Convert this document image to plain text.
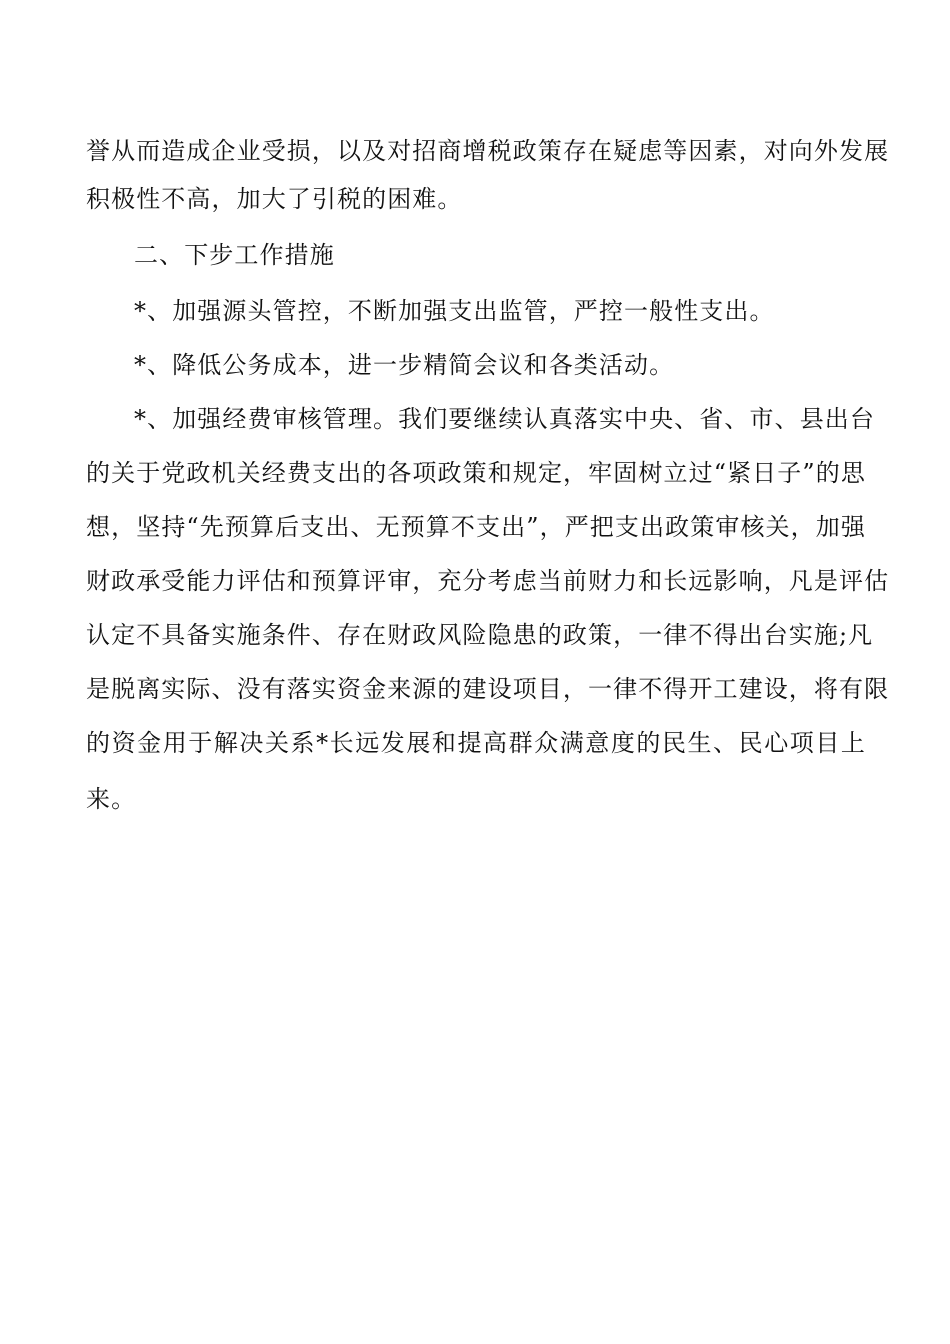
誉从而造成企业受损，以及对招商增税政策存在疑虑等因素，对向外发展
积极性不高，加大了引税的困难。
二、下步工作措施
*、加强源头管控，不断加强支出监管，严控一般性支出。
*、降低公务成本，进一步精简会议和各类活动。
*、加强经费审核管理。我们要继续认真落实中央、省、市、县出台
的关于党政机关经费支出的各项政策和规定，牢固树立过“紧日子”的思
想，坚持“先预算后支出、无预算不支出”，严把支出政策审核关，加强
财政承受能力评估和预算评审，充分考虑当前财力和长远影响，凡是评估
认定不具备实施条件、存在财政风险隐患的政策，一律不得出台实施;凡
是脱离实际、没有落实资金来源的建设项目，一律不得开工建设，将有限
的资金用于解决关系*长远发展和提高群众满意度的民生、民心项目上
来。
